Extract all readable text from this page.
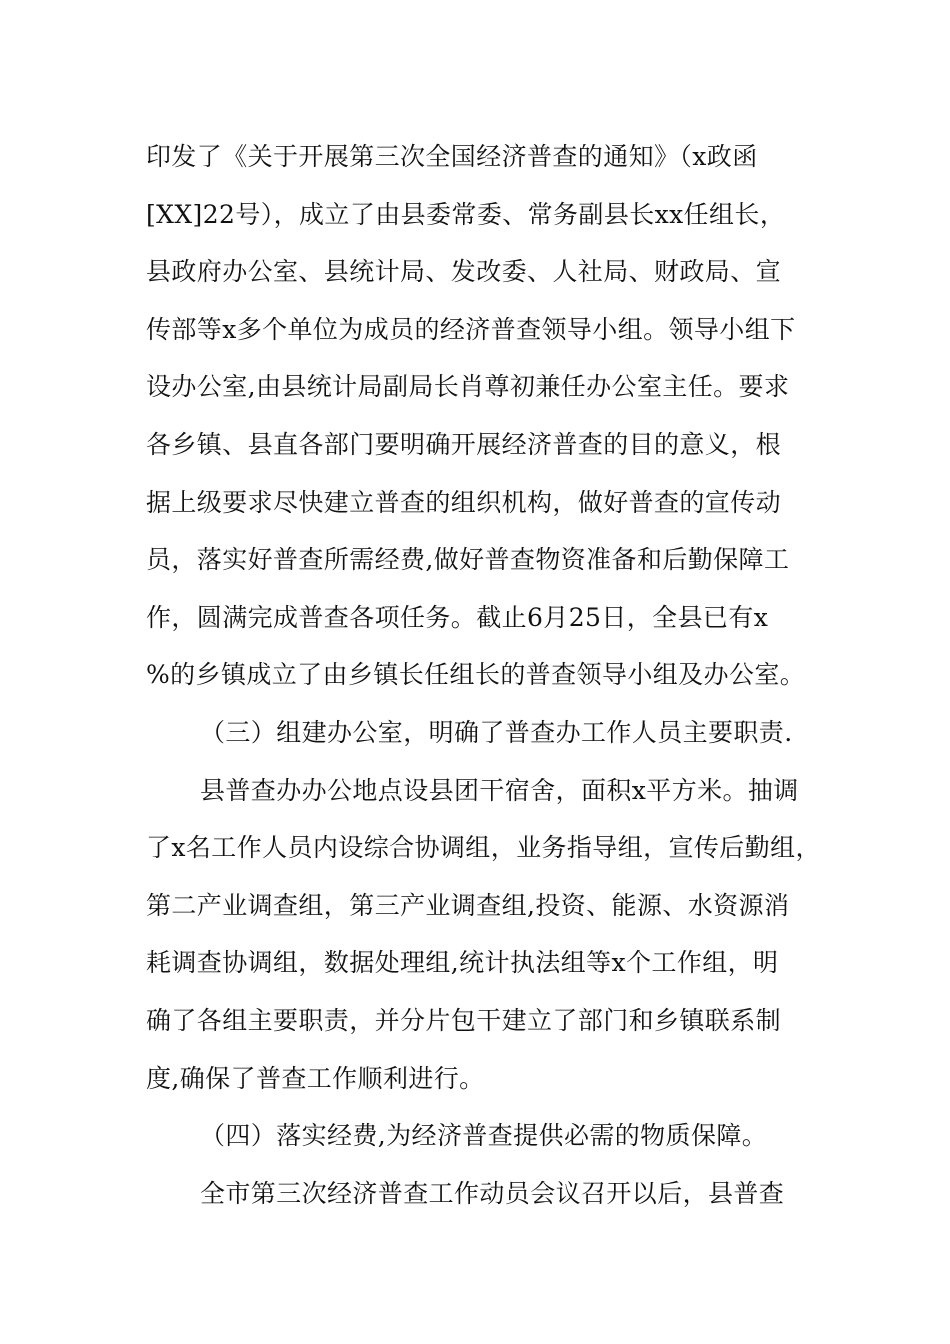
印发了《关于开展第三次全国经济普查的通知》（x政函
[XX]22号），成立了由县委常委、常务副县长xx任组长，
县政府办公室、县统计局、发改委、人社局、财政局、宣
传部等x多个单位为成员的经济普查领导小组。领导小组下
设办公室,由县统计局副局长肖尊初兼任办公室主任。要求
各乡镇、县直各部门要明确开展经济普查的目的意义，根
据上级要求尽快建立普查的组织机构，做好普查的宣传动
员，落实好普查所需经费,做好普查物资准备和后勤保障工
作，圆满完成普查各项任务。截止6月25日，全县已有x
%的乡镇成立了由乡镇长任组长的普查领导小组及办公室。
（三）组建办公室，明确了普查办工作人员主要职责.
县普查办办公地点设县团干宿舍，面积x平方米。抽调
了x名工作人员内设综合协调组，业务指导组，宣传后勤组，
第二产业调查组，第三产业调查组,投资、能源、水资源消
耗调查协调组，数据处理组,统计执法组等x个工作组，明
确了各组主要职责，并分片包干建立了部门和乡镇联系制
度,确保了普查工作顺利进行。
（四）落实经费,为经济普查提供必需的物质保障。
全市第三次经济普查工作动员会议召开以后，县普查
